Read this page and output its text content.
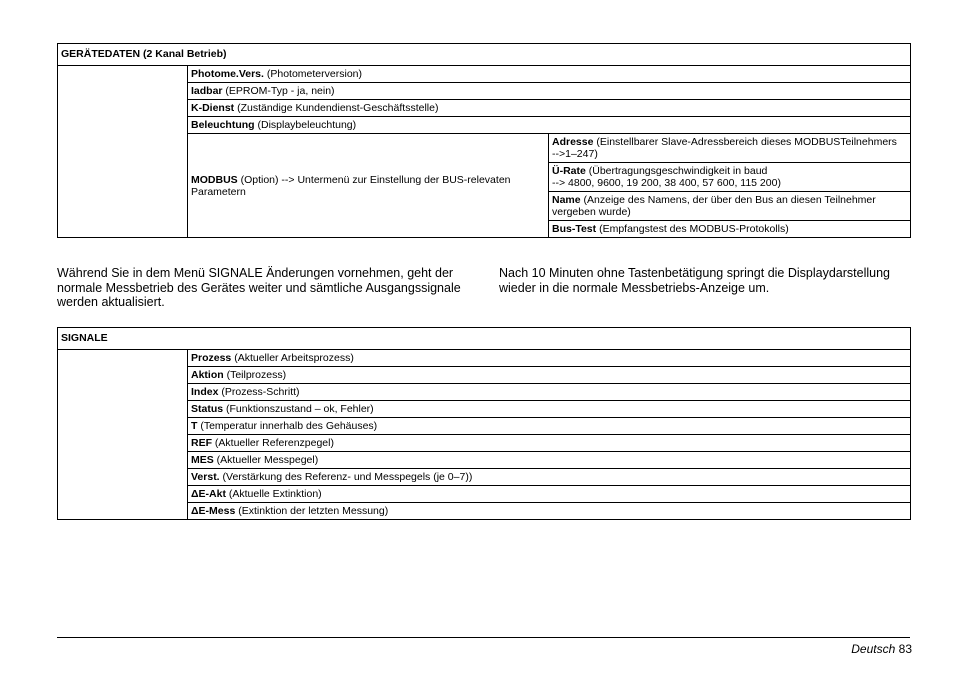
GERÄTEDATEN (2 Kanal Betrieb)		
	Photome.Vers. (Photometerversion)	
	Iadbar (EPROM-Typ - ja, nein)	
	K-Dienst (Zuständige Kundendienst-Geschäftsstelle)	
	Beleuchtung (Displaybeleuchtung)	
	MODBUS (Option) --> Untermenü zur Einstellung der BUS-relevaten Parametern	Adresse (Einstellbarer Slave-Adressbereich dieses MODBUSTeilnehmers
-->1–247)
		Ü-Rate (Übertragungsgeschwindigkeit in baud
--> 4800, 9600, 19 200, 38 400, 57 600, 115 200)
		Name (Anzeige des Namens, der über den Bus an diesen Teilnehmer vergeben wurde)
		Bus-Test (Empfangstest des MODBUS-Protokolls)
Während Sie in dem Menü SIGNALE Änderungen vornehmen, geht der normale Messbetrieb des Gerätes weiter und sämtliche Ausgangssignale werden aktualisiert.
Nach 10 Minuten ohne Tastenbetätigung springt die Displaydarstellung wieder in die normale Messbetriebs-Anzeige um.
SIGNALE
	Prozess (Aktueller Arbeitsprozess)
Aktion (Teilprozess)
Index (Prozess-Schritt)
Status (Funktionszustand – ok, Fehler)
T (Temperatur innerhalb des Gehäuses)
REF (Aktueller Referenzpegel)
MES (Aktueller Messpegel)
Verst. (Verstärkung des Referenz- und Messpegels (je 0–7))
ΔE-Akt (Aktuelle Extinktion)
ΔE-Mess (Extinktion der letzten Messung)
Deutsch 83
